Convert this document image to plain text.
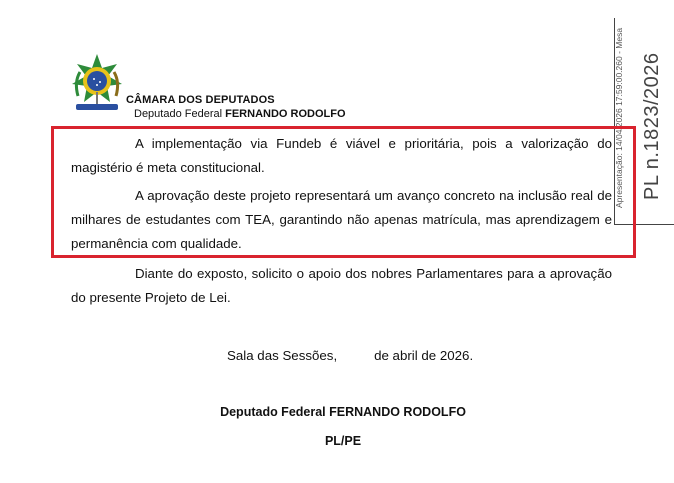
CÂMARA DOS DEPUTADOS
Deputado Federal FERNANDO RODOLFO	Apresentação: 14/04/2026 17:59:00.260 - Mesa PL n.1823/2026

A implementação via Fundeb é viável e prioritária, pois a valorização do magistério é meta constitucional.

A aprovação deste projeto representará um avanço concreto na inclusão real de milhares de estudantes com TEA, garantindo não apenas matrícula, mas aprendizagem e permanência com qualidade.

Diante do exposto, solicito o apoio dos nobres Parlamentares para a aprovação do presente Projeto de Lei.

Sala das Sessões,          de abril de 2026.
Deputado Federal FERNANDO RODOLFO
PL/PE
